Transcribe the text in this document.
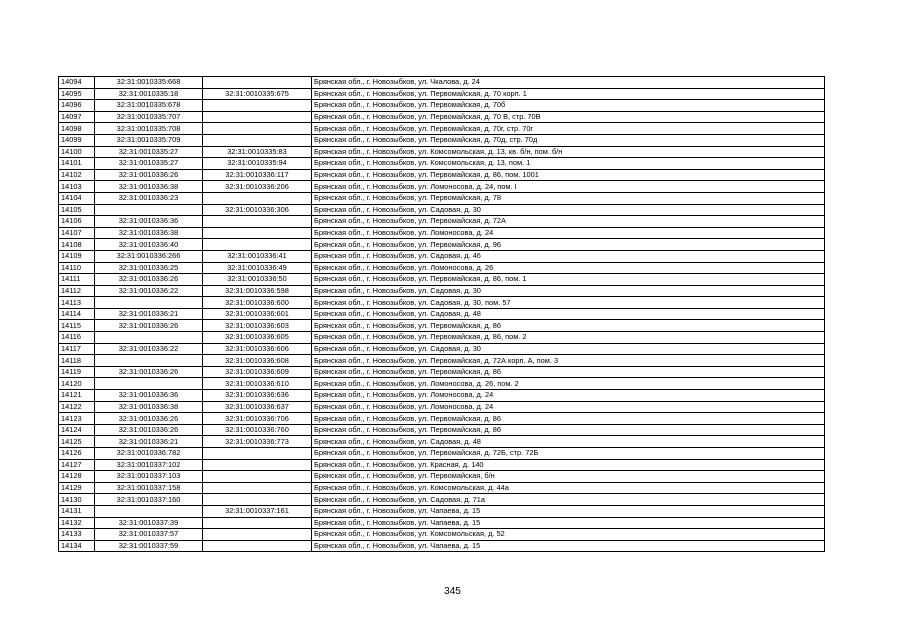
14094	32:31:0010335:668		Брянская обл., г. Новозыбков, ул. Чкалова, д. 24
14095	32:31:0010335:18	32:31:0010335:675	Брянская обл., г. Новозыбков, ул. Первомайская, д. 70 корп. 1
14096	32:31:0010335:678		Брянская обл., г. Новозыбков, ул. Первомайская, д. 70б
14097	32:31:0010335:707		Брянская обл., г. Новозыбков, ул. Первомайская, д. 70 В, стр. 70В
14098	32:31:0010335:708		Брянская обл., г. Новозыбков, ул. Первомайская, д. 70г, стр. 70г
14099	32:31:0010335:709		Брянская обл., г. Новозыбков, ул. Первомайская, д. 70д, стр. 70д
14100	32:31:0010335:27	32:31:0010335:83	Брянская обл., г. Новозыбков, ул. Комсомольская, д. 13, кв. б/н, пом. б/н
14101	32:31:0010335:27	32:31:0010335:94	Брянская обл., г. Новозыбков, ул. Комсомольская, д. 13, пом. 1
14102	32:31:0010336:26	32:31:0010336:117	Брянская обл., г. Новозыбков, ул. Первомайская, д. 86, пом. 1001
14103	32:31:0010336:38	32:31:0010336:206	Брянская обл., г. Новозыбков, ул. Ломоносова, д. 24, пом. I
14104	32:31:0010336:23		Брянская обл., г. Новозыбков, ул. Первомайская, д. 78
14105		32:31:0010336:306	Брянская обл., г. Новозыбков, ул. Садовая, д. 30
14106	32:31:0010336:36		Брянская обл., г. Новозыбков, ул. Первомайская, д. 72А
14107	32:31:0010336:38		Брянская обл., г. Новозыбков, ул. Ломоносова, д. 24
14108	32:31:0010336:40		Брянская обл., г. Новозыбков, ул. Первомайская, д. 96
14109	32:31:0010336:266	32:31:0010336:41	Брянская обл., г. Новозыбков, ул. Садовая, д. 46
14110	32:31:0010336:25	32:31:0010336:49	Брянская обл., г. Новозыбков, ул. Ломоносова, д. 26
14111	32:31:0010336:26	32:31:0010336:50	Брянская обл., г. Новозыбков, ул. Первомайская, д. 86, пом. 1
14112	32:31:0010336:22	32:31:0010336:598	Брянская обл., г. Новозыбков, ул. Садовая, д. 30
14113		32:31:0010336:600	Брянская обл., г. Новозыбков, ул. Садовая, д. 30, пом. 57
14114	32:31:0010336:21	32:31:0010336:601	Брянская обл., г. Новозыбков, ул. Садовая, д. 48
14115	32:31:0010336:26	32:31:0010336:603	Брянская обл., г. Новозыбков, ул. Первомайская, д. 86
14116		32:31:0010336:605	Брянская обл., г. Новозыбков, ул. Первомайская, д. 86, пом. 2
14117	32:31:0010336:22	32:31:0010336:606	Брянская обл., г. Новозыбков, ул. Садовая, д. 30
14118		32:31:0010336:608	Брянская обл., г. Новозыбков, ул. Первомайская, д. 72А корп. А, пом. 3
14119	32:31:0010336:26	32:31:0010336:609	Брянская обл., г. Новозыбков, ул. Первомайская, д. 86
14120		32:31:0010336:610	Брянская обл., г. Новозыбков, ул. Ломоносова, д. 26, пом. 2
14121	32:31:0010336:36	32:31:0010336:636	Брянская обл., г. Новозыбков, ул. Ломоносова, д. 24
14122	32:31:0010336:38	32:31:0010336:637	Брянская обл., г. Новозыбков, ул. Ломоносова, д. 24
14123	32:31:0010336:26	32:31:0010336:706	Брянская обл., г. Новозыбков, ул. Первомайская, д. 86
14124	32:31:0010336:26	32:31:0010336:760	Брянская обл., г. Новозыбков, ул. Первомайская, д. 86
14125	32:31:0010336:21	32:31:0010336:773	Брянская обл., г. Новозыбков, ул. Садовая, д. 48
14126	32:31:0010336:782		Брянская обл., г. Новозыбков, ул. Первомайская, д. 72Б, стр. 72Б
14127	32:31:0010337:102		Брянская обл., г. Новозыбков, ул. Красная, д. 140
14128	32:31:0010337:103		Брянская обл., г. Новозыбков, ул. Первомайская, б/н
14129	32:31:0010337:158		Брянская обл., г. Новозыбков, ул. Комсомольская, д. 44а
14130	32:31:0010337:160		Брянская обл., г. Новозыбков, ул. Садовая, д. 71а
14131		32:31:0010337:161	Брянская обл., г. Новозыбков, ул. Чапаева, д. 15
14132	32:31:0010337:39		Брянская обл., г. Новозыбков, ул. Чапаева, д. 15
14133	32:31:0010337:57		Брянская обл., г. Новозыбков, ул. Комсомольская, д. 52
14134	32:31:0010337:59		Брянская обл., г. Новозыбков, ул. Чапаева, д. 15
345
